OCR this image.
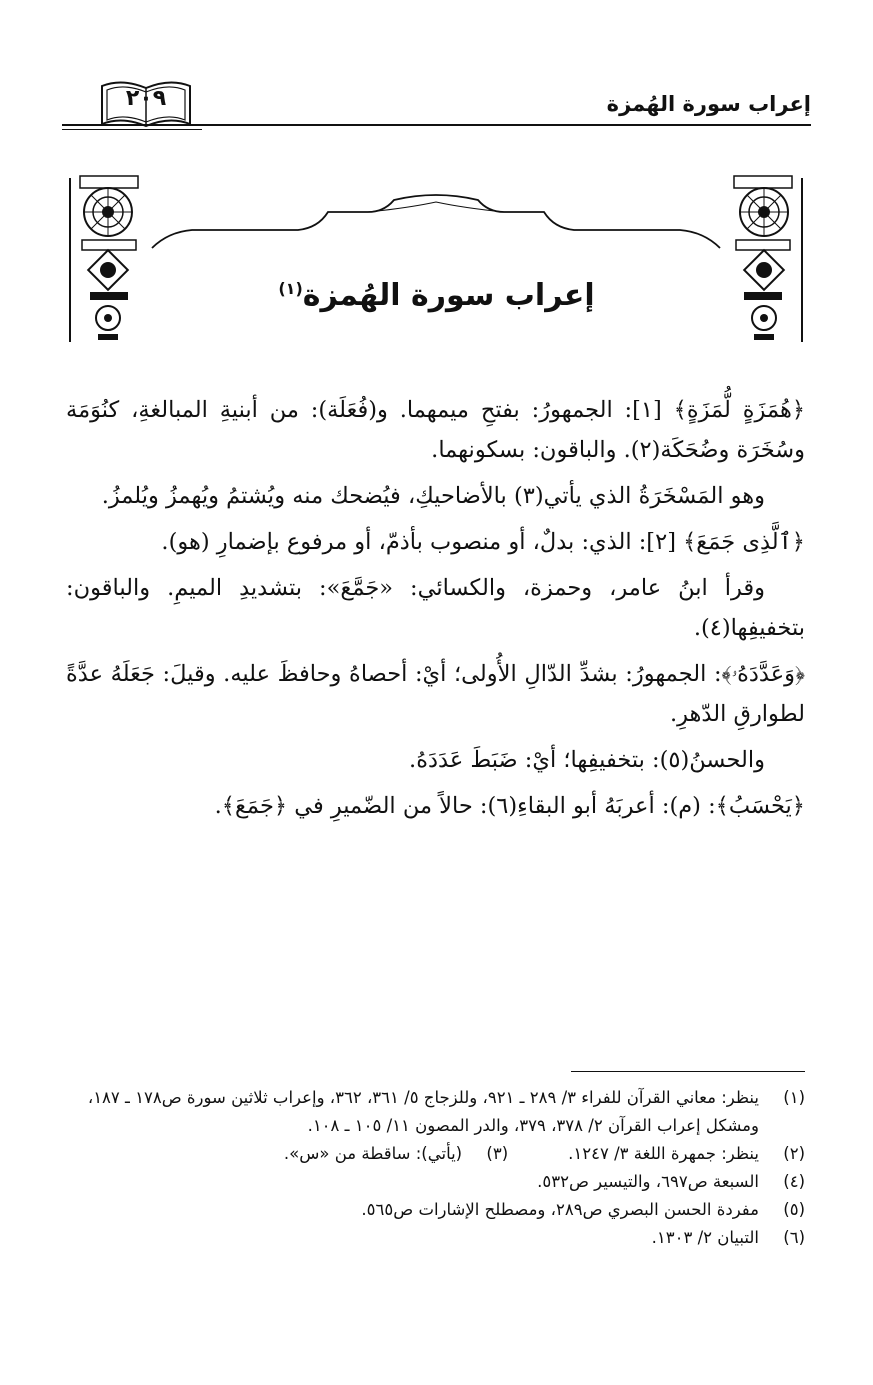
إعراب سورة الهُمزة
٢٠٩
إعراب سورة الهُمزة$^{(١)}$

﴿هُمَزَةٍ لُّمَزَةٍ﴾ [١]: الجمهورُ: بفتحِ ميمهما. و(فُعَلَة): من أبنيةِ المبالغةِ، كنُوَمَة وسُخَرَة وضُحَكَة(٢). والباقون: بسكونهما.

وهو المَسْخَرَةُ الذي يأتي(٣) بالأضاحيكِ، فيُضحك منه ويُشتمُ ويُهمزُ ويُلمزُ.

﴿ٱلَّذِى جَمَعَ﴾ [٢]: الذي: بدلٌ، أو منصوب بأذمّ، أو مرفوع بإضمارِ (هو).

وقرأ ابنُ عامر، وحمزة، والكسائي: «جَمَّعَ»: بتشديدِ الميمِ. والباقون: بتخفيفِها(٤).

﴿وَعَدَّدَهُۥ﴾: الجمهورُ: بشدِّ الدّالِ الأُولى؛ أيْ: أحصاهُ وحافظَ عليه. وقيلَ: جَعَلَهُ عدَّةً لطوارقِ الدّهرِ.

والحسنُ(٥): بتخفيفِها؛ أيْ: ضَبَطَ عَدَدَهُ.

﴿يَحْسَبُ﴾: (م): أعربَهُ أبو البقاءِ(٦): حالاً من الضّميرِ في ﴿جَمَعَ﴾.

(١)
ينظر: معاني القرآن للفراء ٣/ ٢٨٩ ـ ٩٢١، وللزجاج ٥/ ٣٦١، ٣٦٢، وإعراب ثلاثين سورة ص١٧٨ ـ ١٨٧، ومشكل إعراب القرآن ٢/ ٣٧٨، ٣٧٩، والدر المصون ١١/ ١٠٥ ـ ١٠٨.
(٢)
ينظر: جمهرة اللغة ٣/ ١٢٤٧.
(٣)
(يأتي): ساقطة من «س».
(٤)
السبعة ص٦٩٧، والتيسير ص٥٣٢.
(٥)
مفردة الحسن البصري ص٢٨٩، ومصطلح الإشارات ص٥٦٥.
(٦)
التبيان ٢/ ١٣٠٣.
